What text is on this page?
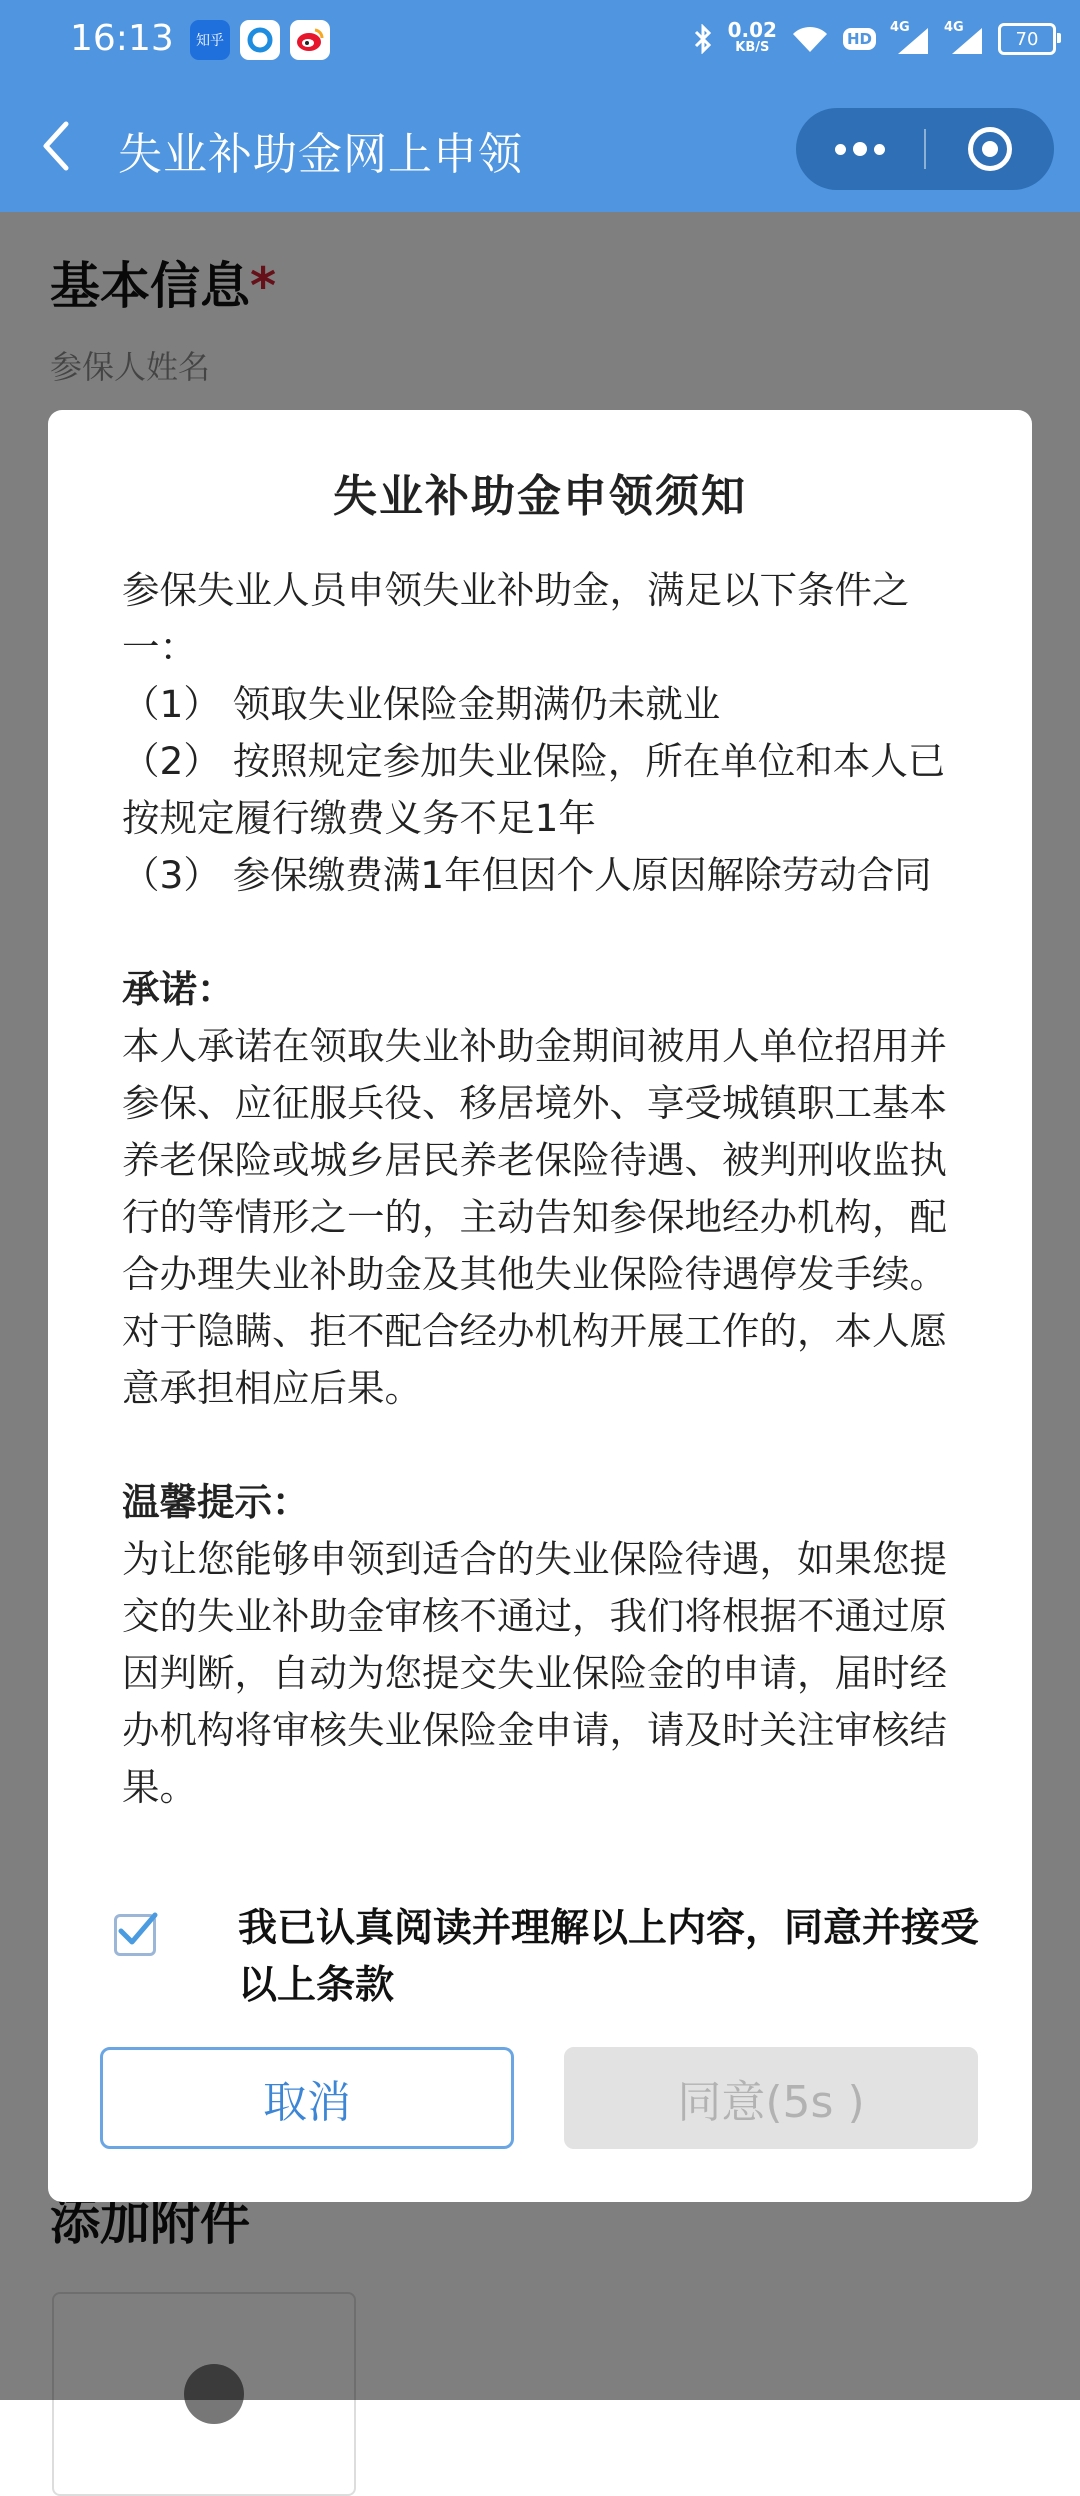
16:13 知乎	0.02
KB/S	HD
4G	4G
70
失业补助金网上申领
失业补助金申领须知

参保失业人员申领失业补助金，满足以下条件之一：

（1） 领取失业保险金期满仍未就业

（2） 按照规定参加失业保险，所在单位和本人已按规定履行缴费义务不足1年

（3） 参保缴费满1年但因个人原因解除劳动合同

承诺：

本人承诺在领取失业补助金期间被用人单位招用并参保、应征服兵役、移居境外、享受城镇职工基本养老保险或城乡居民养老保险待遇、被判刑收监执行的等情形之一的，主动告知参保地经办机构，配合办理失业补助金及其他失业保险待遇停发手续。对于隐瞒、拒不配合经办机构开展工作的，本人愿意承担相应后果。

温馨提示：

为让您能够申领到适合的失业保险待遇，如果您提交的失业补助金审核不通过，我们将根据不通过原因判断，自动为您提交失业保险金的申请，届时经办机构将审核失业保险金申请，请及时关注审核结果。

我已认真阅读并理解以上内容，同意并接受以上条款
取消	同意(5s )
